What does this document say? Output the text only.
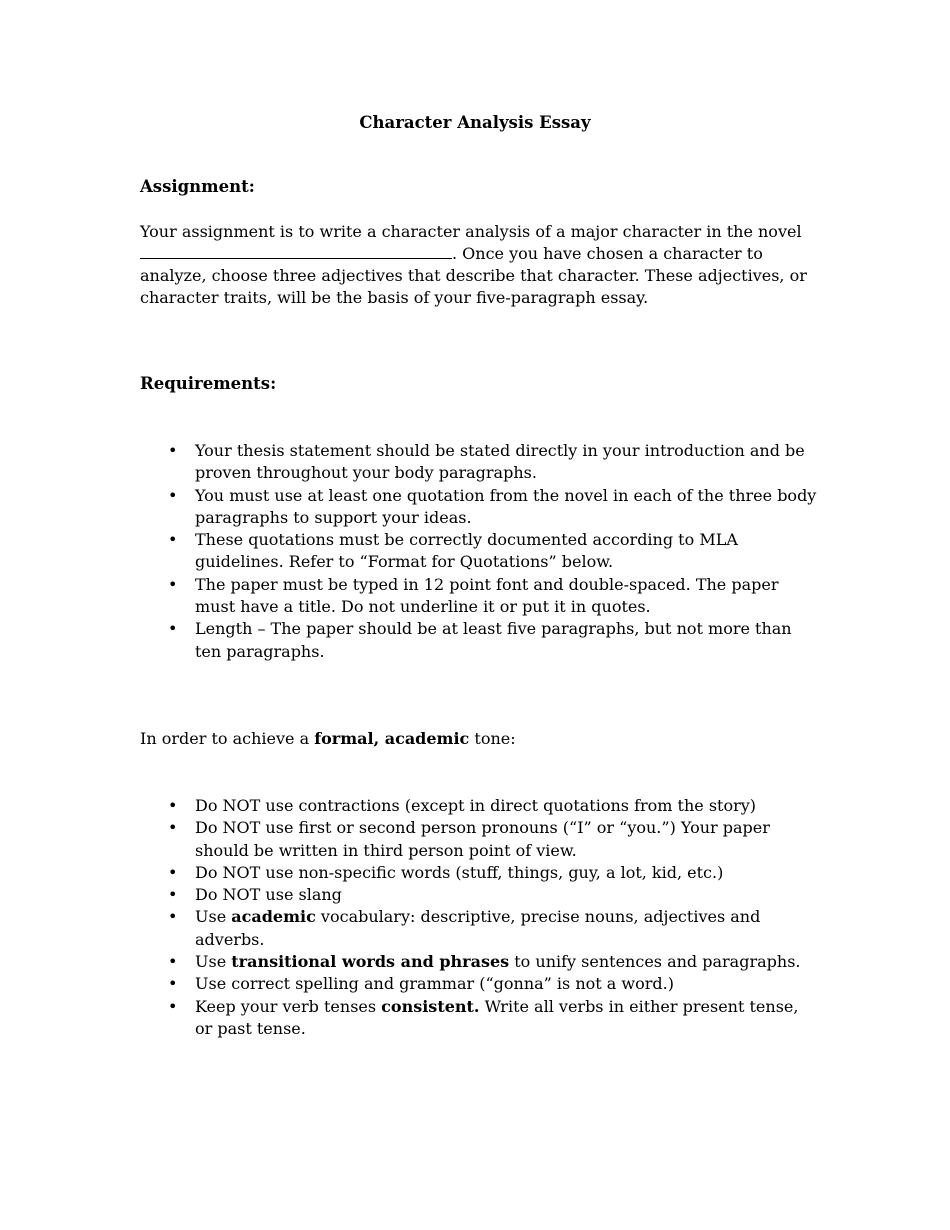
Character Analysis Essay
Assignment:

Your assignment is to write a character analysis of a major character in the novel. Once you have chosen a character to analyze, choose three adjectives that describe that character. These adjectives, or character traits, will be the basis of your five-paragraph essay.

Requirements:
• Your thesis statement should be stated directly in your introduction and be proven throughout your body paragraphs.
• You must use at least one quotation from the novel in each of the three body paragraphs to support your ideas.
• These quotations must be correctly documented according to MLA guidelines. Refer to “Format for Quotations” below.
• The paper must be typed in 12 point font and double-spaced. The paper must have a title. Do not underline it or put it in quotes.
• Length – The paper should be at least five paragraphs, but not more than ten paragraphs.

In order to achieve a formal, academic tone:

• Do NOT use contractions (except in direct quotations from the story)
• Do NOT use first or second person pronouns (“I” or “you.”) Your paper should be written in third person point of view.
• Do NOT use non-specific words (stuff, things, guy, a lot, kid, etc.)
• Do NOT use slang
• Use academic vocabulary: descriptive, precise nouns, adjectives and adverbs.
• Use transitional words and phrases to unify sentences and paragraphs.
• Use correct spelling and grammar (“gonna” is not a word.)
• Keep your verb tenses consistent. Write all verbs in either present tense, or past tense.
